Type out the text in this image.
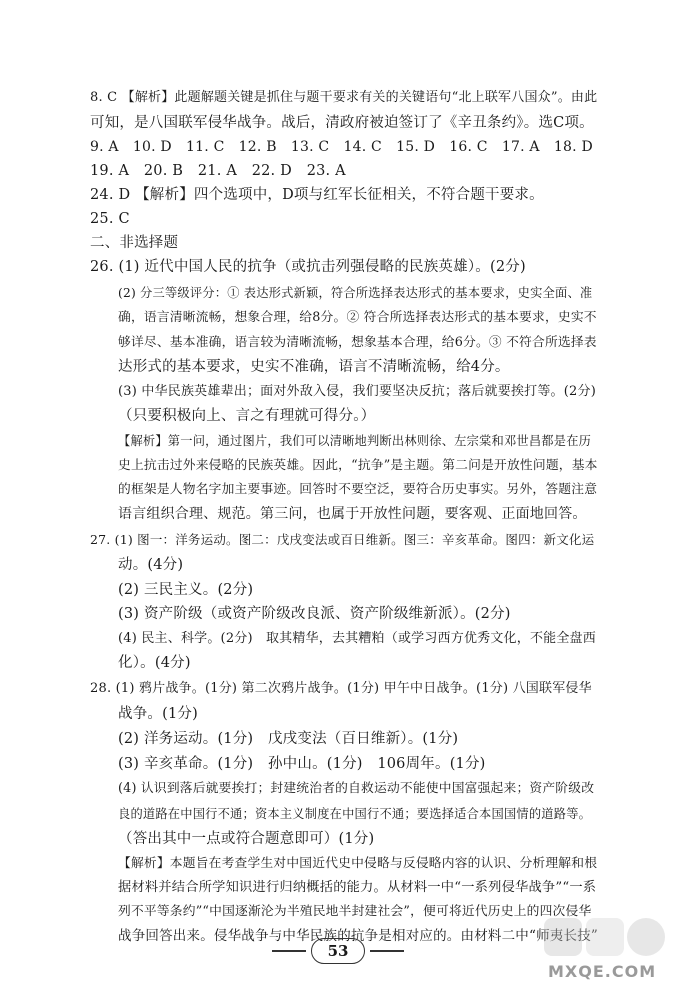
8. C 【解析】此题解题关键是抓住与题干要求有关的关键语句“北上联军八国众”。由此
可知，是八国联军侵华战争。战后，清政府被迫签订了《辛丑条约》。选C项。
9. A　10. D　11. C　12. B　13. C　14. C　15. D　16. C　17. A　18. D
19. A　20. B　21. A　22. D　23. A
24. D 【解析】四个选项中，D项与红军长征相关，不符合题干要求。
25. C
二、非选择题
26. (1) 近代中国人民的抗争（或抗击列强侵略的民族英雄）。(2分)
(2) 分三等级评分：① 表达形式新颖，符合所选择表达形式的基本要求，史实全面、准
确，语言清晰流畅，想象合理，给8分。② 符合所选择表达形式的基本要求，史实不
够详尽、基本准确，语言较为清晰流畅，想象基本合理，给6分。③ 不符合所选择表
达形式的基本要求，史实不准确，语言不清晰流畅，给4分。
(3) 中华民族英雄辈出；面对外敌入侵，我们要坚决反抗；落后就要挨打等。(2分)
（只要积极向上、言之有理就可得分。）
【解析】第一问，通过图片，我们可以清晰地判断出林则徐、左宗棠和邓世昌都是在历
史上抗击过外来侵略的民族英雄。因此，“抗争”是主题。第二问是开放性问题，基本
的框架是人物名字加主要事迹。回答时不要空泛，要符合历史事实。另外，答题注意
语言组织合理、规范。第三问，也属于开放性问题，要客观、正面地回答。
27. (1) 图一：洋务运动。图二：戊戌变法或百日维新。图三：辛亥革命。图四：新文化运
动。(4分)
(2) 三民主义。(2分)
(3) 资产阶级（或资产阶级改良派、资产阶级维新派）。(2分)
(4) 民主、科学。(2分)　取其精华，去其糟粕（或学习西方优秀文化，不能全盘西
化）。(4分)
28. (1) 鸦片战争。(1分) 第二次鸦片战争。(1分) 甲午中日战争。(1分) 八国联军侵华
战争。(1分)
(2) 洋务运动。(1分)　戊戌变法（百日维新）。(1分)
(3) 辛亥革命。(1分)　孙中山。(1分)　106周年。(1分)
(4) 认识到落后就要挨打；封建统治者的自救运动不能使中国富强起来；资产阶级改
良的道路在中国行不通；资本主义制度在中国行不通；要选择适合本国国情的道路等。
（答出其中一点或符合题意即可）(1分)
【解析】本题旨在考查学生对中国近代史中侵略与反侵略内容的认识、分析理解和根
据材料并结合所学知识进行归纳概括的能力。从材料一中“一系列侵华战争”“一系
列不平等条约”“中国逐渐沦为半殖民地半封建社会”，便可将近代历史上的四次侵华
战争回答出来。侵华战争与中华民族的抗争是相对应的。由材料二中“师夷长技”
53
MXQE.COM
